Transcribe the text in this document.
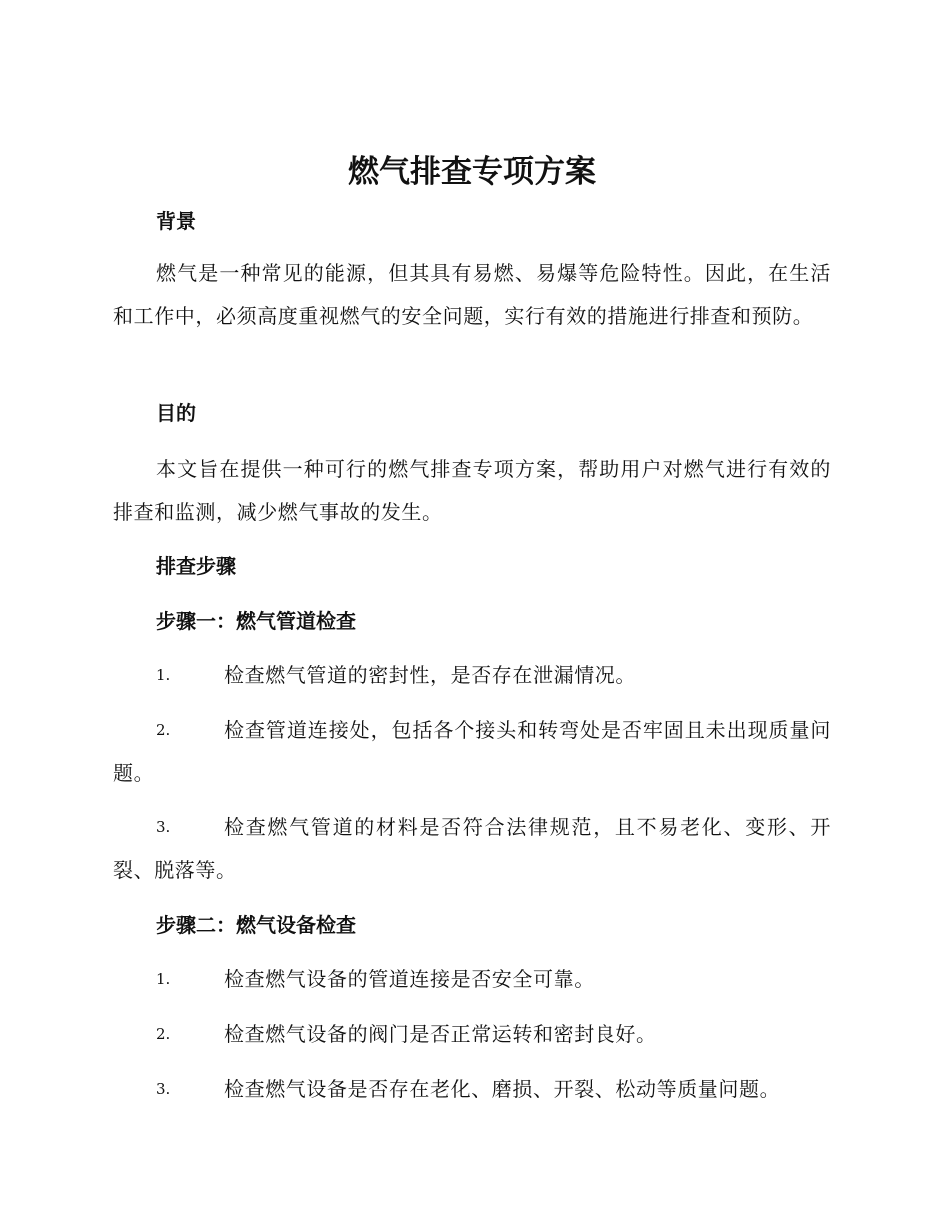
燃气排查专项方案
背景

燃气是一种常见的能源，但其具有易燃、易爆等危险特性。因此，在生活和工作中，必须高度重视燃气的安全问题，实行有效的措施进行排查和预防。

目的

本文旨在提供一种可行的燃气排查专项方案，帮助用户对燃气进行有效的排查和监测，减少燃气事故的发生。

排查步骤
步骤一：燃气管道检查
1.	检查燃气管道的密封性，是否存在泄漏情况。
2.	检查管道连接处，包括各个接头和转弯处是否牢固且未出现质量问题。
3.	检查燃气管道的材料是否符合法律规范，且不易老化、变形、开裂、脱落等。
步骤二：燃气设备检查
1.	检查燃气设备的管道连接是否安全可靠。
2.	检查燃气设备的阀门是否正常运转和密封良好。
3.	检查燃气设备是否存在老化、磨损、开裂、松动等质量问题。
